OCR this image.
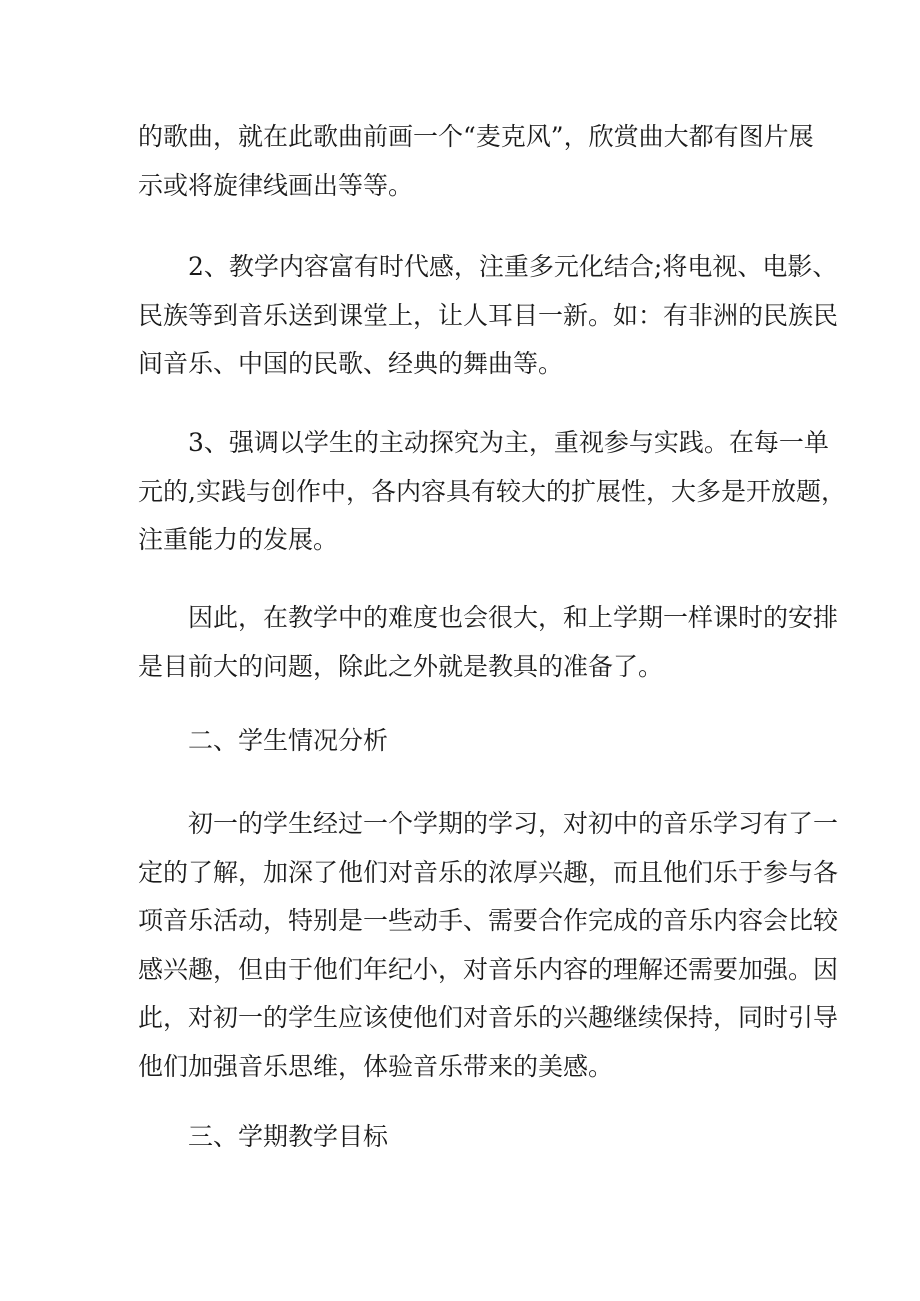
的歌曲，就在此歌曲前画一个“麦克风”，欣赏曲大都有图片展
示或将旋律线画出等等。

2、教学内容富有时代感，注重多元化结合;将电视、电影、
民族等到音乐送到课堂上，让人耳目一新。如：有非洲的民族民
间音乐、中国的民歌、经典的舞曲等。

3、强调以学生的主动探究为主，重视参与实践。在每一单
元的,实践与创作中，各内容具有较大的扩展性，大多是开放题，
注重能力的发展。

因此，在教学中的难度也会很大，和上学期一样课时的安排
是目前大的问题，除此之外就是教具的准备了。

二、学生情况分析

初一的学生经过一个学期的学习，对初中的音乐学习有了一
定的了解，加深了他们对音乐的浓厚兴趣，而且他们乐于参与各
项音乐活动，特别是一些动手、需要合作完成的音乐内容会比较
感兴趣，但由于他们年纪小，对音乐内容的理解还需要加强。因
此，对初一的学生应该使他们对音乐的兴趣继续保持，同时引导
他们加强音乐思维，体验音乐带来的美感。

三、学期教学目标
